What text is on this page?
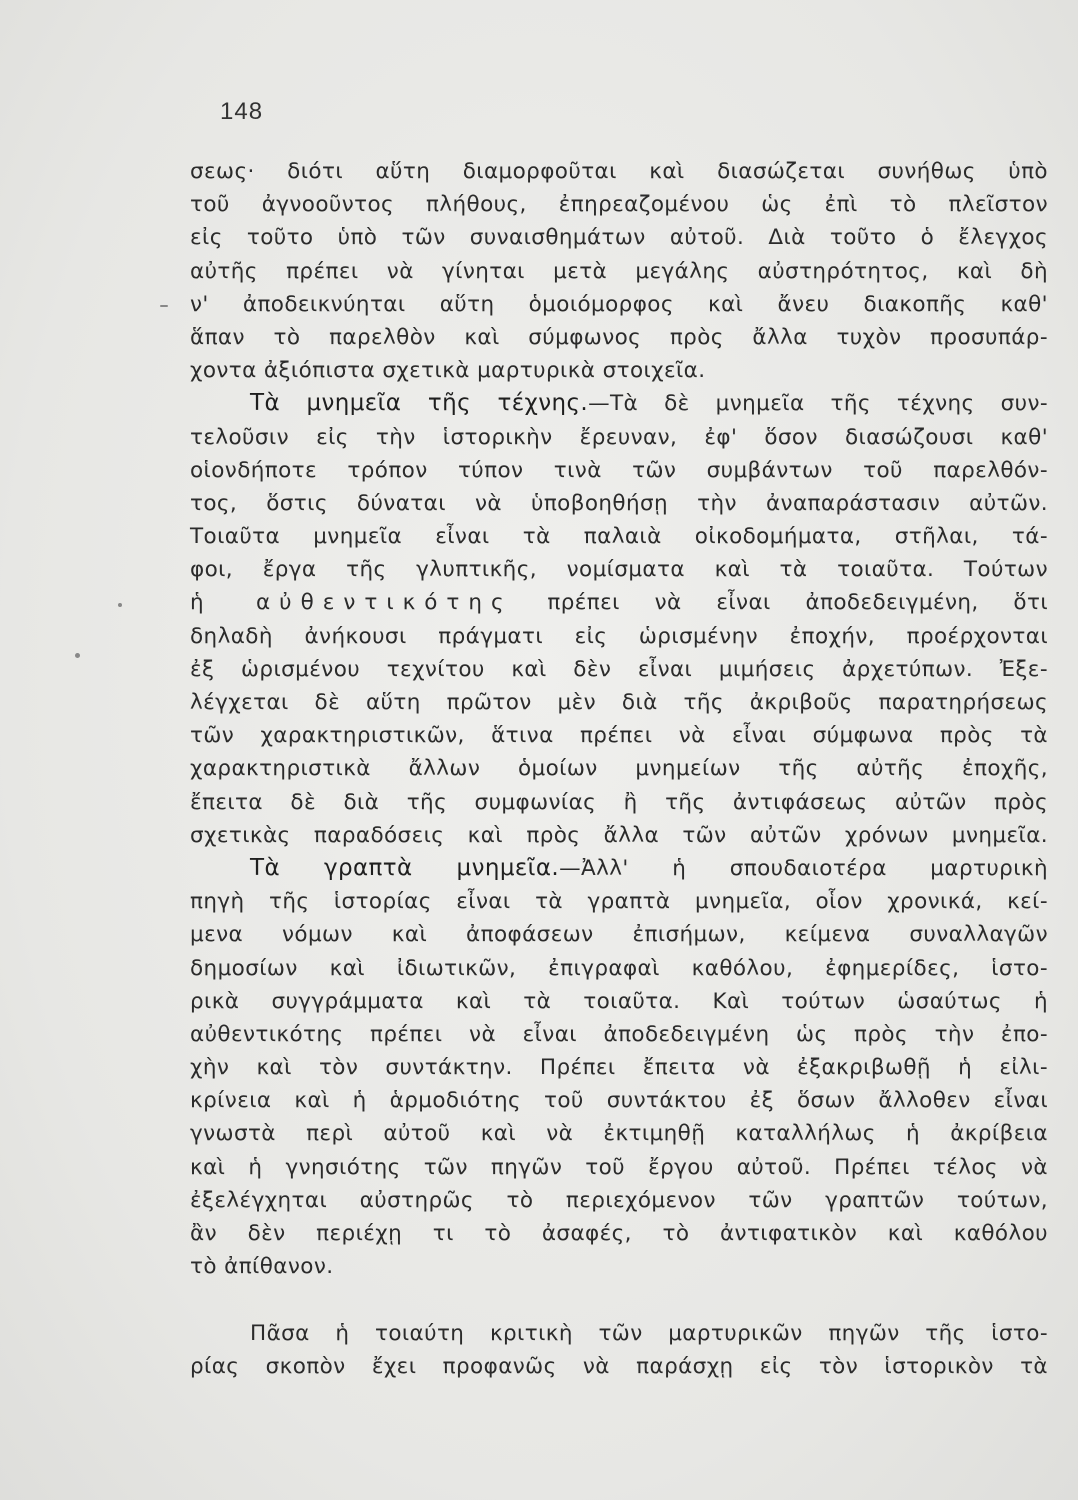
148
σεως· διότι αὕτη διαμορφοῦται καὶ διασώζεται συνήθως ὑπὸ
τοῦ ἀγνοοῦντος πλήθους, ἐπηρεαζομένου ὡς ἐπὶ τὸ πλεῖστον
εἰς τοῦτο ὑπὸ τῶν συναισθημάτων αὐτοῦ. Διὰ τοῦτο ὁ ἔλεγχος
αὐτῆς πρέπει νὰ γίνηται μετὰ μεγάλης αὐστηρότητος, καὶ δὴ
ν' ἀποδεικνύηται αὕτη ὁμοιόμορφος καὶ ἄνευ διακοπῆς καθ'
ἅπαν τὸ παρελθὸν καὶ σύμφωνος πρὸς ἄλλα τυχὸν προσυπάρ-
χοντα ἀξιόπιστα σχετικὰ μαρτυρικὰ στοιχεῖα.
Τὰ μνημεῖα τῆς τέχνης.—Τὰ δὲ μνημεῖα τῆς τέχνης συν-
τελοῦσιν εἰς τὴν ἱστορικὴν ἔρευναν, ἐφ' ὅσον διασώζουσι καθ'
οἱονδήποτε τρόπον τύπον τινὰ τῶν συμβάντων τοῦ παρελθόν-
τος, ὅστις δύναται νὰ ὑποβοηθήσῃ τὴν ἀναπαράστασιν αὐτῶν.
Τοιαῦτα μνημεῖα εἶναι τὰ παλαιὰ οἰκοδομήματα, στῆλαι, τά-
φοι, ἔργα τῆς γλυπτικῆς, νομίσματα καὶ τὰ τοιαῦτα. Τούτων
ἡ αὐθεντικότης πρέπει νὰ εἶναι ἀποδεδειγμένη, ὅτι
δηλαδὴ ἀνήκουσι πράγματι εἰς ὡρισμένην ἐποχήν, προέρχονται
ἐξ ὡρισμένου τεχνίτου καὶ δὲν εἶναι μιμήσεις ἀρχετύπων. Ἐξε-
λέγχεται δὲ αὕτη πρῶτον μὲν διὰ τῆς ἀκριβοῦς παρατηρήσεως
τῶν χαρακτηριστικῶν, ἅτινα πρέπει νὰ εἶναι σύμφωνα πρὸς τὰ
χαρακτηριστικὰ ἄλλων ὁμοίων μνημείων τῆς αὐτῆς ἐποχῆς,
ἔπειτα δὲ διὰ τῆς συμφωνίας ἢ τῆς ἀντιφάσεως αὐτῶν πρὸς
σχετικὰς παραδόσεις καὶ πρὸς ἄλλα τῶν αὐτῶν χρόνων μνημεῖα.
Τὰ γραπτὰ μνημεῖα.—Ἀλλ' ἡ σπουδαιοτέρα μαρτυρικὴ
πηγὴ τῆς ἱστορίας εἶναι τὰ γραπτὰ μνημεῖα, οἷον χρονικά, κεί-
μενα νόμων καὶ ἀποφάσεων ἐπισήμων, κείμενα συναλλαγῶν
δημοσίων καὶ ἰδιωτικῶν, ἐπιγραφαὶ καθόλου, ἐφημερίδες, ἱστο-
ρικὰ συγγράμματα καὶ τὰ τοιαῦτα. Καὶ τούτων ὡσαύτως ἡ
αὐθεντικότης πρέπει νὰ εἶναι ἀποδεδειγμένη ὡς πρὸς τὴν ἐπο-
χὴν καὶ τὸν συντάκτην. Πρέπει ἔπειτα νὰ ἐξακριβωθῇ ἡ εἰλι-
κρίνεια καὶ ἡ ἁρμοδιότης τοῦ συντάκτου ἐξ ὅσων ἄλλοθεν εἶναι
γνωστὰ περὶ αὐτοῦ καὶ νὰ ἐκτιμηθῇ καταλλήλως ἡ ἀκρίβεια
καὶ ἡ γνησιότης τῶν πηγῶν τοῦ ἔργου αὐτοῦ. Πρέπει τέλος νὰ
ἐξελέγχηται αὐστηρῶς τὸ περιεχόμενον τῶν γραπτῶν τούτων,
ἂν δὲν περιέχῃ τι τὸ ἀσαφές, τὸ ἀντιφατικὸν καὶ καθόλου
τὸ ἀπίθανον.
Πᾶσα ἡ τοιαύτη κριτικὴ τῶν μαρτυρικῶν πηγῶν τῆς ἱστο-
ρίας σκοπὸν ἔχει προφανῶς νὰ παράσχῃ εἰς τὸν ἱστορικὸν τὰ
